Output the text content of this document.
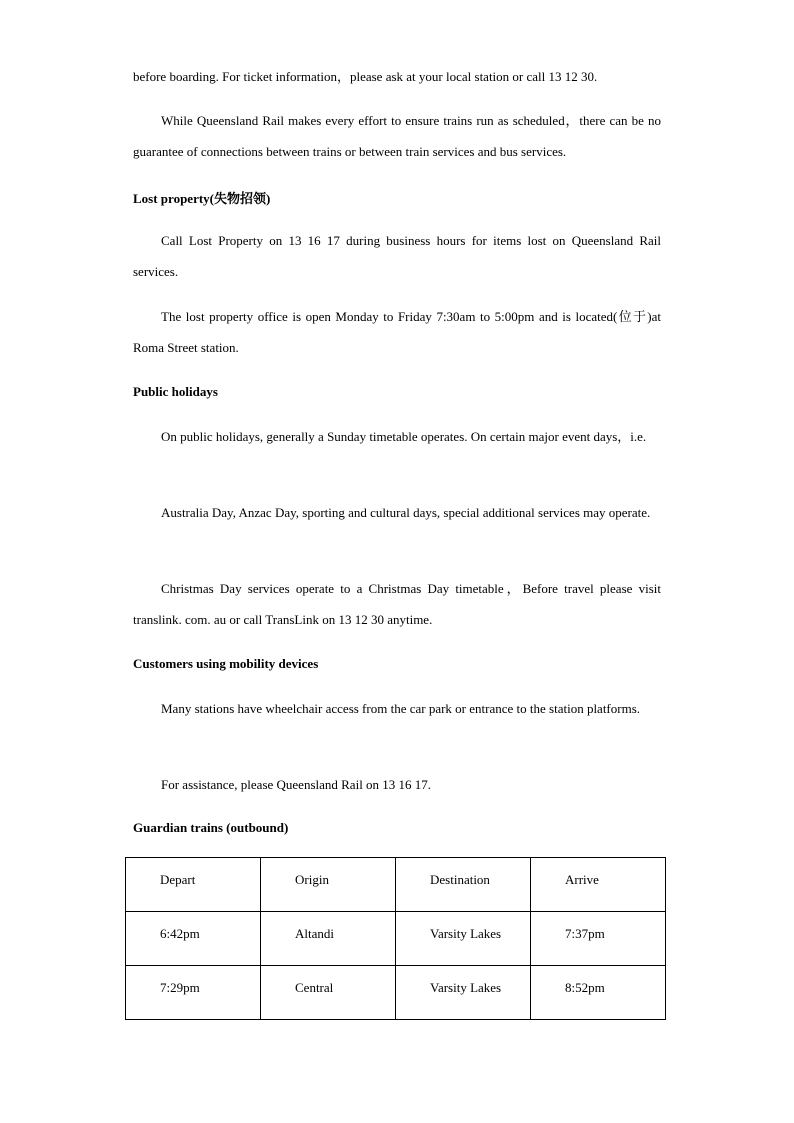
before boarding. For ticket information，please ask at your local station or call 13 12 30.

While Queensland Rail makes every effort to ensure trains run as scheduled，there can be no guarantee of connections between trains or between train services and bus services.

Lost property(失物招领)

Call Lost Property on 13 16 17 during business hours for items lost on Queensland Rail services.

The lost property office is open Monday to Friday 7:30am to 5:00pm and is located(位于)at Roma Street station.

Public holidays

On public holidays, generally a Sunday timetable operates. On certain major event days，i.e.

Australia Day, Anzac Day, sporting and cultural days, special additional services may operate.

Christmas Day services operate to a Christmas Day timetable，Before travel please visit translink. com. au or call TransLink on 13 12 30 anytime.

Customers using mobility devices

Many stations have wheelchair access from the car park or entrance to the station platforms.

For assistance, please Queensland Rail on 13 16 17.

Guardian trains (outbound)

Depart	Origin	Destination	Arrive
6:42pm	Altandi	Varsity Lakes	7:37pm
7:29pm	Central	Varsity Lakes	8:52pm
